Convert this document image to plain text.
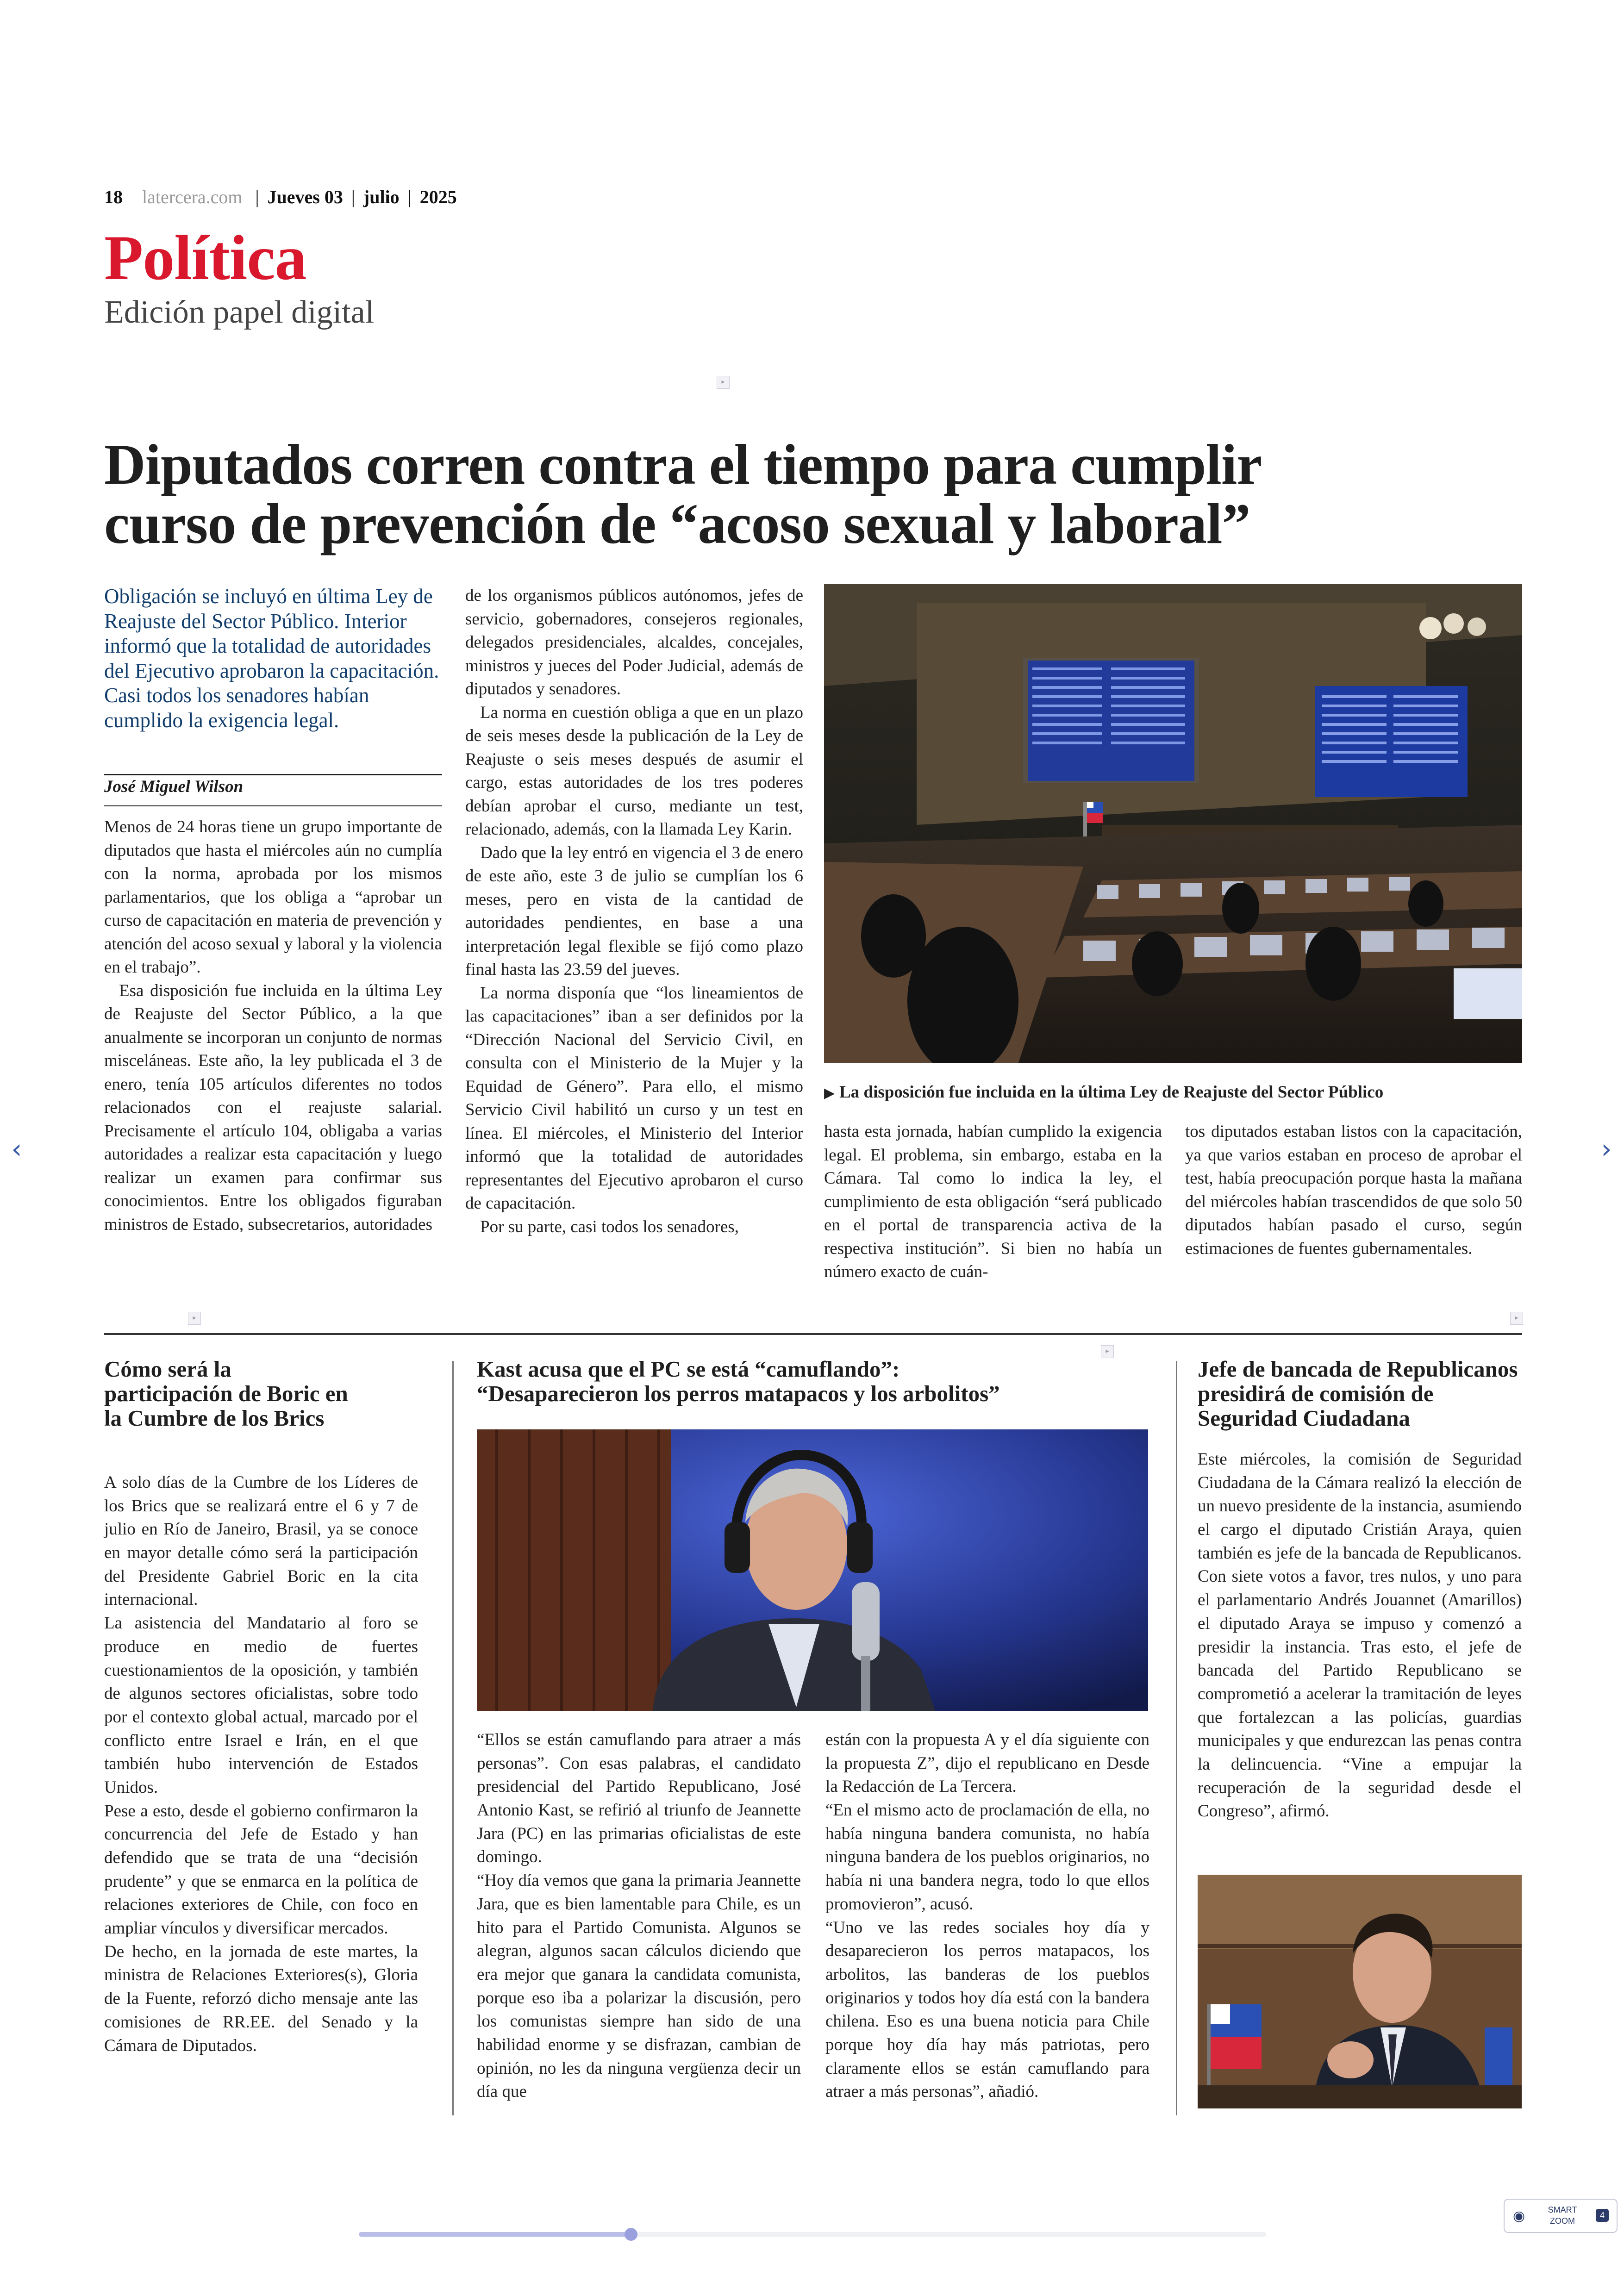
18 latercera.com | Jueves 03 | julio | 2025
Política
Edición papel digital
▸
Diputados corren contra el tiempo para cumplir
curso de prevención de “acoso sexual y laboral”
Obligación se incluyó en última Ley de Reajuste del Sector Público. Interior informó que la totalidad de autoridades del Ejecutivo aprobaron la capacitación. Casi todos los senadores habían cumplido la exigencia legal.
José Miguel Wilson

Menos de 24 horas tiene un grupo importante de diputados que hasta el miércoles aún no cumplía con la norma, aprobada por los mismos parlamentarios, que los obliga a “aprobar un curso de capacitación en materia de prevención y atención del acoso sexual y laboral y la violencia en el trabajo”.

Esa disposición fue incluida en la última Ley de Reajuste del Sector Público, a la que anualmente se incorporan un conjunto de normas misceláneas. Este año, la ley publicada el 3 de enero, tenía 105 artículos diferentes no todos relacionados con el reajuste salarial. Precisamente el artículo 104, obligaba a varias autoridades a realizar esta capacitación y luego realizar un examen para confirmar sus conocimientos. Entre los obligados figuraban ministros de Estado, subsecretarios, autoridades

de los organismos públicos autónomos, jefes de servicio, gobernadores, consejeros regionales, delegados presidenciales, alcaldes, concejales, ministros y jueces del Poder Judicial, además de diputados y senadores.

La norma en cuestión obliga a que en un plazo de seis meses desde la publicación de la Ley de Reajuste o seis meses después de asumir el cargo, estas autoridades de los tres poderes debían aprobar el curso, mediante un test, relacionado, además, con la llamada Ley Karin.

Dado que la ley entró en vigencia el 3 de enero de este año, este 3 de julio se cumplían los 6 meses, pero en vista de la cantidad de autoridades pendientes, en base a una interpretación legal flexible se fijó como plazo final hasta las 23.59 del jueves.

La norma disponía que “los lineamientos de las capacitaciones” iban a ser definidos por la “Dirección Nacional del Servicio Civil, en consulta con el Ministerio de la Mujer y la Equidad de Género”. Para ello, el mismo Servicio Civil habilitó un curso y un test en línea. El miércoles, el Ministerio del Interior informó que la totalidad de autoridades representantes del Ejecutivo aprobaron el curso de capacitación.

Por su parte, casi todos los senadores,

▶ La disposición fue incluida en la última Ley de Reajuste del Sector Público

hasta esta jornada, habían cumplido la exigencia legal. El problema, sin embargo, estaba en la Cámara. Tal como lo indica la ley, el cumplimiento de esta obligación “será publicado en el portal de transparencia activa de la respectiva institución”. Si bien no había un número exacto de cuán-

tos diputados estaban listos con la capacitación, ya que varios estaban en proceso de aprobar el test, había preocupación porque hasta la mañana del miércoles habían trascendidos de que solo 50 diputados habían pasado el curso, según estimaciones de fuentes gubernamentales.

▸	▸
▸
Cómo será la
participación de Boric en
la Cumbre de los Brics

A solo días de la Cumbre de los Líderes de los Brics que se realizará entre el 6 y 7 de julio en Río de Janeiro, Brasil, ya se conoce en mayor detalle cómo será la participación del Presidente Gabriel Boric en la cita internacional.

La asistencia del Mandatario al foro se produce en medio de fuertes cuestionamientos de la oposición, y también de algunos sectores oficialistas, sobre todo por el contexto global actual, marcado por el conflicto entre Israel e Irán, en el que también hubo intervención de Estados Unidos.

Pese a esto, desde el gobierno confirmaron la concurrencia del Jefe de Estado y han defendido que se trata de una “decisión prudente” y que se enmarca en la política de relaciones exteriores de Chile, con foco en ampliar vínculos y diversificar mercados.

De hecho, en la jornada de este martes, la ministra de Relaciones Exteriores(s), Gloria de la Fuente, reforzó dicho mensaje ante las comisiones de RR.EE. del Senado y la Cámara de Diputados.

Kast acusa que el PC se está “camuflando”:
“Desaparecieron los perros matapacos y los arbolitos”

“Ellos se están camuflando para atraer a más personas”. Con esas palabras, el candidato presidencial del Partido Republicano, José Antonio Kast, se refirió al triunfo de Jeannette Jara (PC) en las primarias oficialistas de este domingo.

“Hoy día vemos que gana la primaria Jeannette Jara, que es bien lamentable para Chile, es un hito para el Partido Comunista. Algunos se alegran, algunos sacan cálculos diciendo que era mejor que ganara la candidata comunista, porque eso iba a polarizar la discusión, pero los comunistas siempre han sido de una habilidad enorme y se disfrazan, cambian de opinión, no les da ninguna vergüenza decir un día que

están con la propuesta A y el día siguiente con la propuesta Z”, dijo el republicano en Desde la Redacción de La Tercera.

“En el mismo acto de proclamación de ella, no había ninguna bandera comunista, no había ninguna bandera de los pueblos originarios, no había ni una bandera negra, todo lo que ellos promovieron”, acusó.

“Uno ve las redes sociales hoy día y desaparecieron los perros matapacos, los arbolitos, las banderas de los pueblos originarios y todos hoy día está con la bandera chilena. Eso es una buena noticia para Chile porque hoy día hay más patriotas, pero claramente ellos se están camuflando para atraer a más personas”, añadió.

Jefe de bancada de Republicanos
presidirá de comisión de
Seguridad Ciudadana

Este miércoles, la comisión de Seguridad Ciudadana de la Cámara realizó la elección de un nuevo presidente de la instancia, asumiendo el cargo el diputado Cristián Araya, quien también es jefe de la bancada de Republicanos. Con siete votos a favor, tres nulos, y uno para el parlamentario Andrés Jouannet (Amarillos) el diputado Araya se impuso y comenzó a presidir la instancia. Tras esto, el jefe de bancada del Partido Republicano se comprometió a acelerar la tramitación de leyes que fortalezcan a las policías, guardias municipales y que endurezcan las penas contra la delincuencia. “Vine a empujar la recuperación de la seguridad desde el Congreso”, afirmó.

‹	›
◉	SMART
ZOOM
4
